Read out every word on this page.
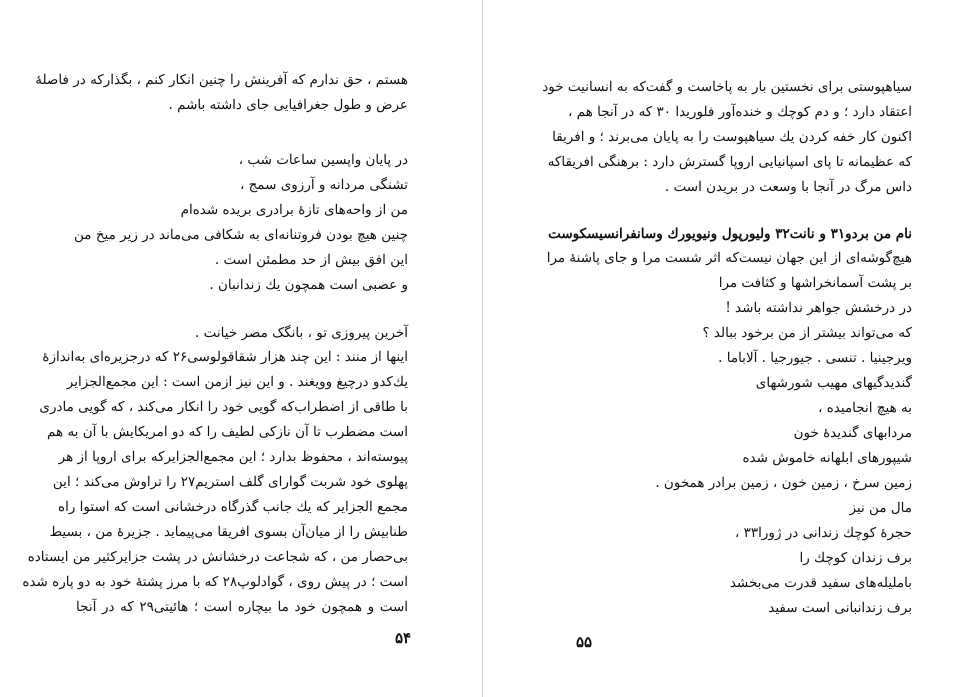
هستم ، حق ندارم که آفرینش را چنین انکار کنم ، بگذارکه در فاصلهٔ
عرض و طول جغرافیایی جای داشته باشم .
در پایان واپسین ساعات شب ،
تشنگی مردانه و آرزوی سمج ،
من از واحه‌های تازهٔ برادری بریده شده‌ام
چنین هیچ بودن فروتنانه‌ای به شکافی می‌ماند در زیر میخ من
این افق بیش از حد مطمئن است .
و عصبی است همچون یك زندانبان .
آخرین پیروزی تو ، بانگک مصر خیانت .
اینها از منند : این چند هزار شقاقولوسی۲۶ که درجزیره‌ای به‌اندازهٔ
یك‌کدو درچیغ وویغند . و این نیز ازمن است : این مجمع‌الجزایر
با طاقی از اضطراب‌که گویی خود را انکار می‌کند ، که گویی مادری
است مضطرب تا آن نازکی لطیف را که دو امریکایش با آن به هم
پیوسته‌اند ، محفوظ بدارد ؛ این مجمع‌الجزایرکه برای اروپا از هر
پهلوی خود شربت گوارای گلف استریم۲۷ را تراوش می‌کند ؛ این
مجمع الجزایر که یك جانب گذرگاه درخشانی است که استوا راه
طنابیش را از میان‌آن بسوی افریقا می‌پیماید . جزیرهٔ من ، بسیط
بی‌حصار من ، که شجاعت درخشانش در پشت جزایرکثیر من ایستاده
است ؛ در پیش روی ، گوادلوپ۲۸ که با مرز پشتهٔ خود به دو پاره شده
است و همچون خود ما بیچاره است ؛ هائیتی۲۹ که در آنجا
۵۴
سیاهپوستی برای نخستین بار به پاخاست و گفت‌که به انسانیت خود
اعتقاد دارد ؛ و دم کوچك و خنده‌آور فلوریدا ۳۰ که در آنجا هم ،
اکنون کار خفه کردن یك سیاهپوست را به پایان می‌برند ؛ و افریقا
که عظیمانه تا پای اسپانیایی اروپا گسترش دارد : برهنگی افریقاکه
داس مرگ در آنجا با وسعت در بریدن است .
نام من بردو۳۱ و نانت۳۲ ولیورپول ونیویورك وسانفرانسیسکوست
هیچ‌گوشه‌ای از این جهان نیست‌که اثر شست مرا و جای پاشنهٔ مرا
بر پشت آسمانخراشها و کثافت مرا
در درخشش جواهر نداشته باشد !
که می‌تواند بیشتر از من برخود ببالد ؟
ویرجینیا . تنسی . جیورجیا . آلاباما .
گندیدگیهای مهیب شورشهای
به هیچ انجامیده ،
مردابهای گندیدهٔ خون
شیپورهای ابلهانه خاموش شده
زمین سرخ ، زمین خون ، زمین برادر همخون .
مال من نیز
حجرهٔ کوچك زندانی در ژورا۳۳ ،
برف زندان کوچك را
باملیله‌های سفید قدرت می‌بخشد
برف زندانبانی است سفید
۵۵
